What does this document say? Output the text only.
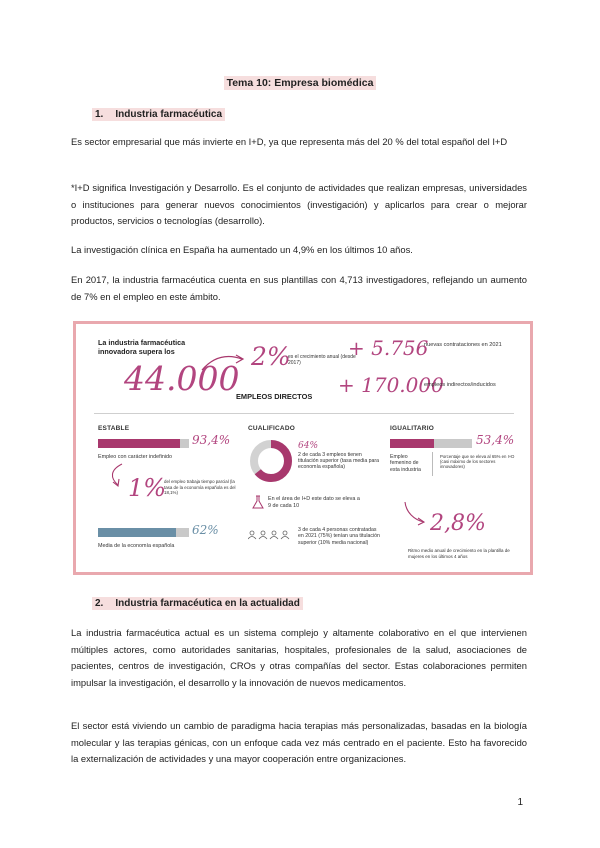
Tema 10: Empresa biomédica
1. Industria farmacéutica
Es sector empresarial que más invierte en I+D, ya que representa más del 20 % del total español del I+D
*I+D significa Investigación y Desarrollo. Es el conjunto de actividades que realizan empresas, universidades o instituciones para generar nuevos conocimientos (investigación) y aplicarlos para crear o mejorar productos, servicios o tecnologías (desarrollo).
La investigación clínica en España ha aumentado un 4,9% en los últimos 10 años.
En 2017, la industria farmacéutica cuenta en sus plantillas con 4,713 investigadores, reflejando un aumento de 7% en el empleo en este ámbito.
La industria farmacéutica innovadora supera los
44.000
EMPLEOS DIRECTOS
2%
es el crecimiento anual (desde 2017)
+ 5.756
nuevas contrataciones en 2021
+ 170.000
empleos indirectos/inducidos
ESTABLE
93,4%
Empleo con carácter indefinido
1%
del empleo trabaja tiempo parcial (la tasa de la economía española es del 18,1%)
62%
Media de la economía española
CUALIFICADO
64%
2 de cada 3 empleos tienen titulación superior (tasa media para economía española)
En el área de I+D este dato se eleva a 9 de cada 10
3 de cada 4 personas contratadas en 2021 (75%) tenían una titulación superior (10% media nacional)
IGUALITARIO
53,4%
Empleo femenino de esta industria
Porcentaje que se eleva al 65% en I+D (casi máximo de los sectores innovadores)
2,8%
Ritmo medio anual de crecimiento en la plantilla de mujeres en los últimos 4 años
2. Industria farmacéutica en la actualidad
La industria farmacéutica actual es un sistema complejo y altamente colaborativo en el que intervienen múltiples actores, como autoridades sanitarias, hospitales, profesionales de la salud, asociaciones de pacientes, centros de investigación, CROs y otras compañías del sector. Estas colaboraciones permiten impulsar la investigación, el desarrollo y la innovación de nuevos medicamentos.
El sector está viviendo un cambio de paradigma hacia terapias más personalizadas, basadas en la biología molecular y las terapias génicas, con un enfoque cada vez más centrado en el paciente. Esto ha favorecido la externalización de actividades y una mayor cooperación entre organizaciones.
1
